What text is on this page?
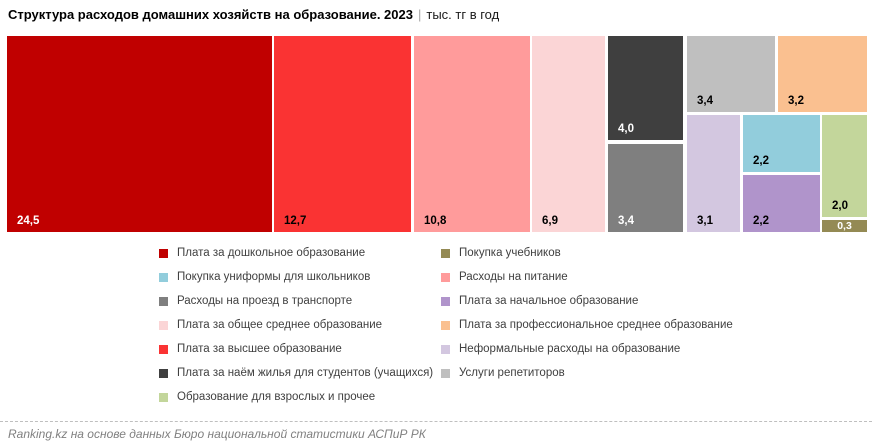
Структура расходов домашних хозяйств на образование. 2023 | тыс. тг в год
24,5	12,7	10,8	6,9
4,0
3,4
3,4	3,2
3,1
2,2
2,2
2,0
0,3
Плата за дошкольное образование
Покупка униформы для школьников
Расходы на проезд в транспорте
Плата за общее среднее образование
Плата за высшее образование
Плата за наём жилья для студентов (учащихся)
Образование для взрослых и прочее
Покупка учебников
Расходы на питание
Плата за начальное образование
Плата за профессиональное среднее образование
Неформальные расходы на образование
Услуги репетиторов
Ranking.kz на основе данных Бюро национальной статистики АСПиР РК
